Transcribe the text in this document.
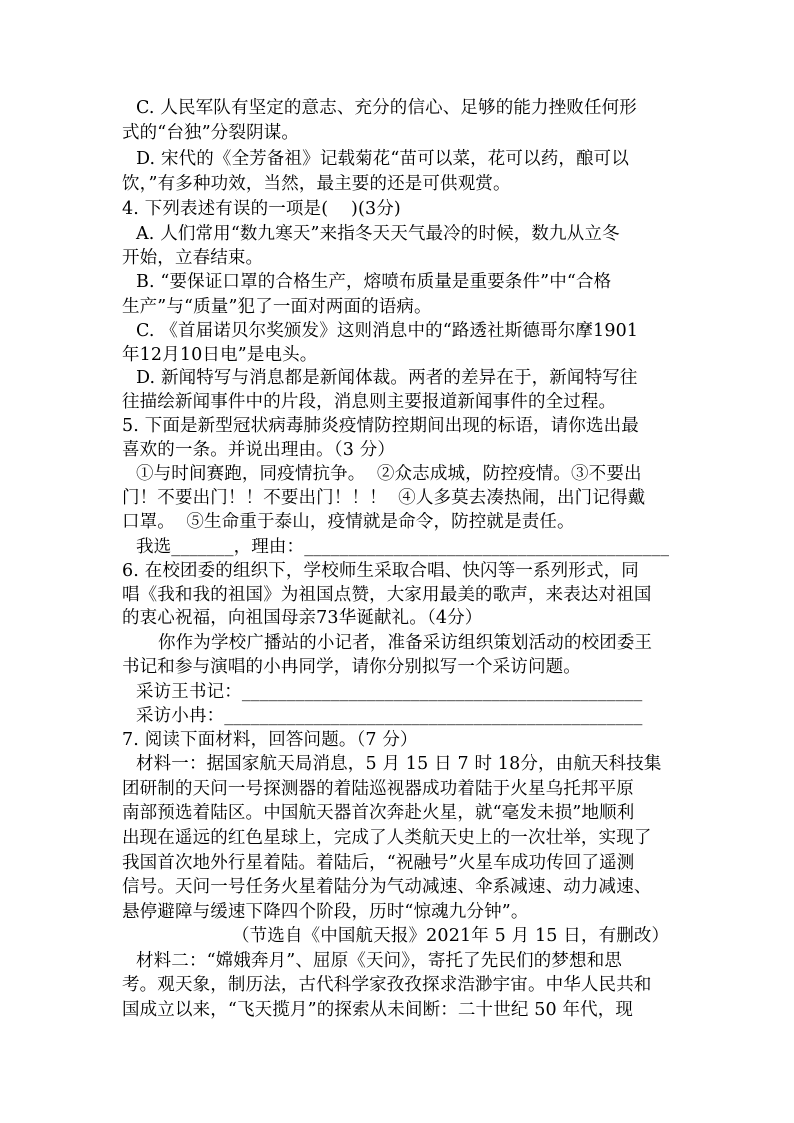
C. 人民军队有坚定的意志、充分的信心、足够的能力挫败任何形
式的“台独”分裂阴谋。
D. 宋代的《全芳备祖》记载菊花“苗可以菜，花可以药，酿可以
饮，”有多种功效，当然，最主要的还是可供观赏。
4. 下列表述有误的一项是(    )(3分)
A. 人们常用“数九寒天”来指冬天天气最冷的时候，数九从立冬
开始，立春结束。
B. “要保证口罩的合格生产，熔喷布质量是重要条件”中“合格
生产”与“质量”犯了一面对两面的语病。
C. 《首届诺贝尔奖颁发》这则消息中的“路透社斯德哥尔摩1901
年12月10日电”是电头。
D. 新闻特写与消息都是新闻体裁。两者的差异在于，新闻特写往
往描绘新闻事件中的片段，消息则主要报道新闻事件的全过程。
5. 下面是新型冠状病毒肺炎疫情防控期间出现的标语，请你选出最
喜欢的一条。并说出理由。（3 分）
①与时间赛跑，同疫情抗争。  ②众志成城，防控疫情。③不要出
门！不要出门！！不要出门！！！  ④人多莫去凑热闹，出门记得戴
口罩。  ⑤生命重于泰山，疫情就是命令，防控就是责任。
我选_______，理由：_________________________________________
6. 在校团委的组织下，学校师生采取合唱、快闪等一系列形式，同
唱《我和我的祖国》为祖国点赞，大家用最美的歌声，来表达对祖国
的衷心祝福，向祖国母亲73华诞献礼。（4分）
你作为学校广播站的小记者，准备采访组织策划活动的校团委王
书记和参与演唱的小冉同学，请你分别拟写一个采访问题。
采访王书记：_____________________________________________
采访小冉：_______________________________________________
7. 阅读下面材料，回答问题。（7 分）
材料一：据国家航天局消息，5 月 15 日 7 时 18分，由航天科技集
团研制的天问一号探测器的着陆巡视器成功着陆于火星乌托邦平原
南部预选着陆区。中国航天器首次奔赴火星，就“毫发未损”地顺利
出现在遥远的红色星球上，完成了人类航天史上的一次壮举，实现了
我国首次地外行星着陆。着陆后，“祝融号”火星车成功传回了遥测
信号。天问一号任务火星着陆分为气动减速、伞系减速、动力减速、
悬停避障与缓速下降四个阶段，历时“惊魂九分钟”。
（节选自《中国航天报》2021年 5 月 15 日，有删改）
材料二：“嫦娥奔月”、屈原《天问》，寄托了先民们的梦想和思
考。观天象，制历法，古代科学家孜孜探求浩渺宇宙。中华人民共和
国成立以来，“飞天揽月”的探索从未间断：二十世纪 50 年代，现
